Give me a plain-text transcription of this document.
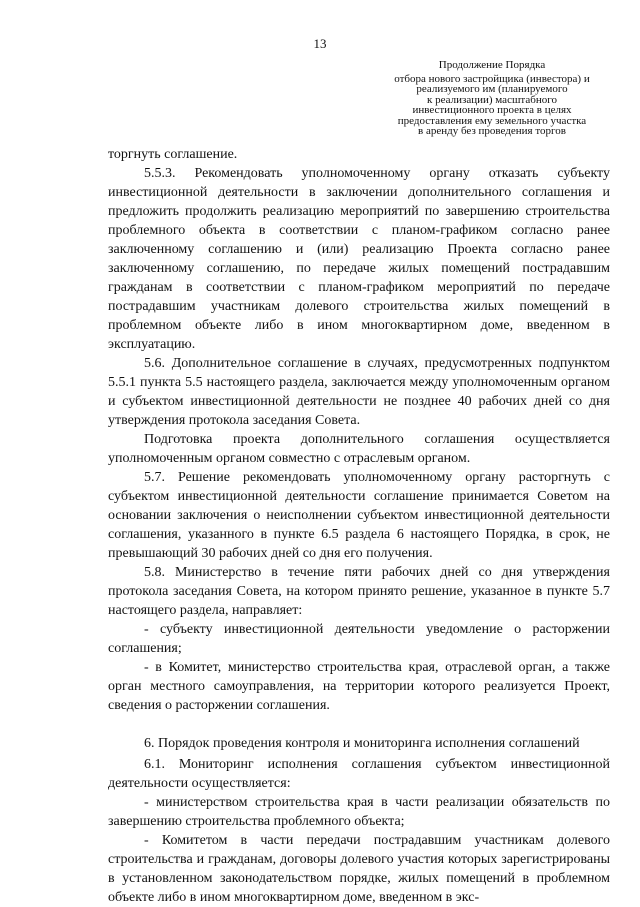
13
Продолжение Порядка
отбора нового застройщика (инвестора) и
реализуемого им (планируемого
к реализации) масштабного
инвестиционного проекта в целях
предоставления ему земельного участка
в аренду без проведения торгов

торгнуть соглашение.

5.5.3. Рекомендовать уполномоченному органу отказать субъекту инвестиционной деятельности в заключении дополнительного соглашения и предложить продолжить реализацию мероприятий по завершению строительства проблемного объекта в соответствии с планом-графиком согласно ранее заключенному соглашению и (или) реализацию Проекта согласно ранее заключенному соглашению, по передаче жилых помещений пострадавшим гражданам в соответствии с планом-графиком мероприятий по передаче пострадавшим участникам долевого строительства жилых помещений в проблемном объекте либо в ином многоквартирном доме, введенном в эксплуатацию.

5.6. Дополнительное соглашение в случаях, предусмотренных подпунктом 5.5.1 пункта 5.5 настоящего раздела, заключается между уполномоченным органом и субъектом инвестиционной деятельности не позднее 40 рабочих дней со дня утверждения протокола заседания Совета.

Подготовка проекта дополнительного соглашения осуществляется уполномоченным органом совместно с отраслевым органом.

5.7. Решение рекомендовать уполномоченному органу расторгнуть с субъектом инвестиционной деятельности соглашение принимается Советом на основании заключения о неисполнении субъектом инвестиционной деятельности соглашения, указанного в пункте 6.5 раздела 6 настоящего Порядка, в срок, не превышающий 30 рабочих дней со дня его получения.

5.8. Министерство в течение пяти рабочих дней со дня утверждения протокола заседания Совета, на котором принято решение, указанное в пункте 5.7 настоящего раздела, направляет:

- субъекту инвестиционной деятельности уведомление о расторжении соглашения;

- в Комитет, министерство строительства края, отраслевой орган, а также орган местного самоуправления, на территории которого реализуется Проект, сведения о расторжении соглашения.

6. Порядок проведения контроля и мониторинга исполнения соглашений

6.1. Мониторинг исполнения соглашения субъектом инвестиционной деятельности осуществляется:

- министерством строительства края в части реализации обязательств по завершению строительства проблемного объекта;

- Комитетом в части передачи пострадавшим участникам долевого строительства и гражданам, договоры долевого участия которых зарегистрированы в установленном законодательством порядке, жилых помещений в проблемном объекте либо в ином многоквартирном доме, введенном в экс-
